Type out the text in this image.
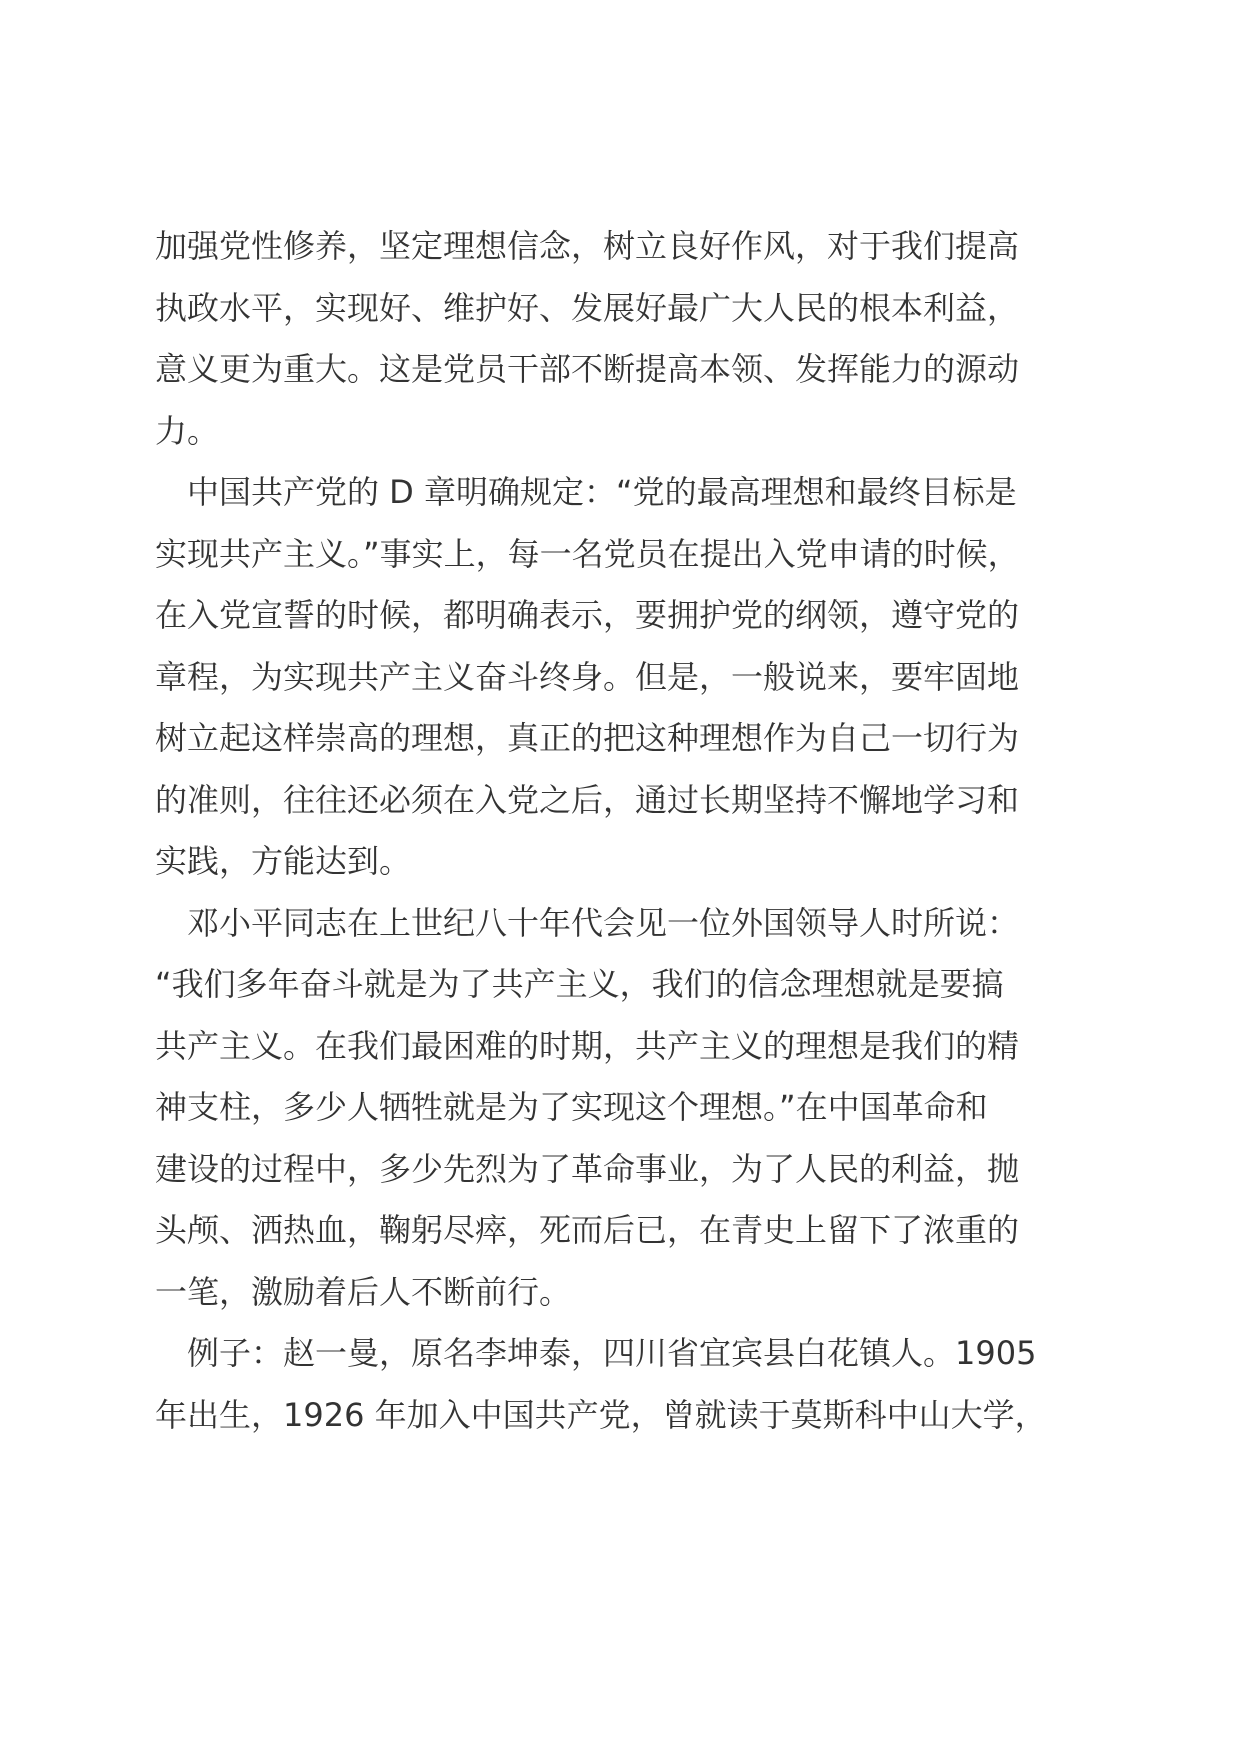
加强党性修养，坚定理想信念，树立良好作风，对于我们提高
执政水平，实现好、维护好、发展好最广大人民的根本利益，
意义更为重大。这是党员干部不断提高本领、发挥能力的源动
力。
　中国共产党的 D 章明确规定：“党的最高理想和最终目标是
实现共产主义。”事实上，每一名党员在提出入党申请的时候，
在入党宣誓的时候，都明确表示，要拥护党的纲领，遵守党的
章程，为实现共产主义奋斗终身。但是，一般说来，要牢固地
树立起这样崇高的理想，真正的把这种理想作为自己一切行为
的准则，往往还必须在入党之后，通过长期坚持不懈地学习和
实践，方能达到。
　邓小平同志在上世纪八十年代会见一位外国领导人时所说：
“我们多年奋斗就是为了共产主义，我们的信念理想就是要搞
共产主义。在我们最困难的时期，共产主义的理想是我们的精
神支柱，多少人牺牲就是为了实现这个理想。”在中国革命和
建设的过程中，多少先烈为了革命事业，为了人民的利益，抛
头颅、洒热血，鞠躬尽瘁，死而后已，在青史上留下了浓重的
一笔，激励着后人不断前行。
　例子：赵一曼，原名李坤泰，四川省宜宾县白花镇人。1905
年出生，1926 年加入中国共产党，曾就读于莫斯科中山大学，
